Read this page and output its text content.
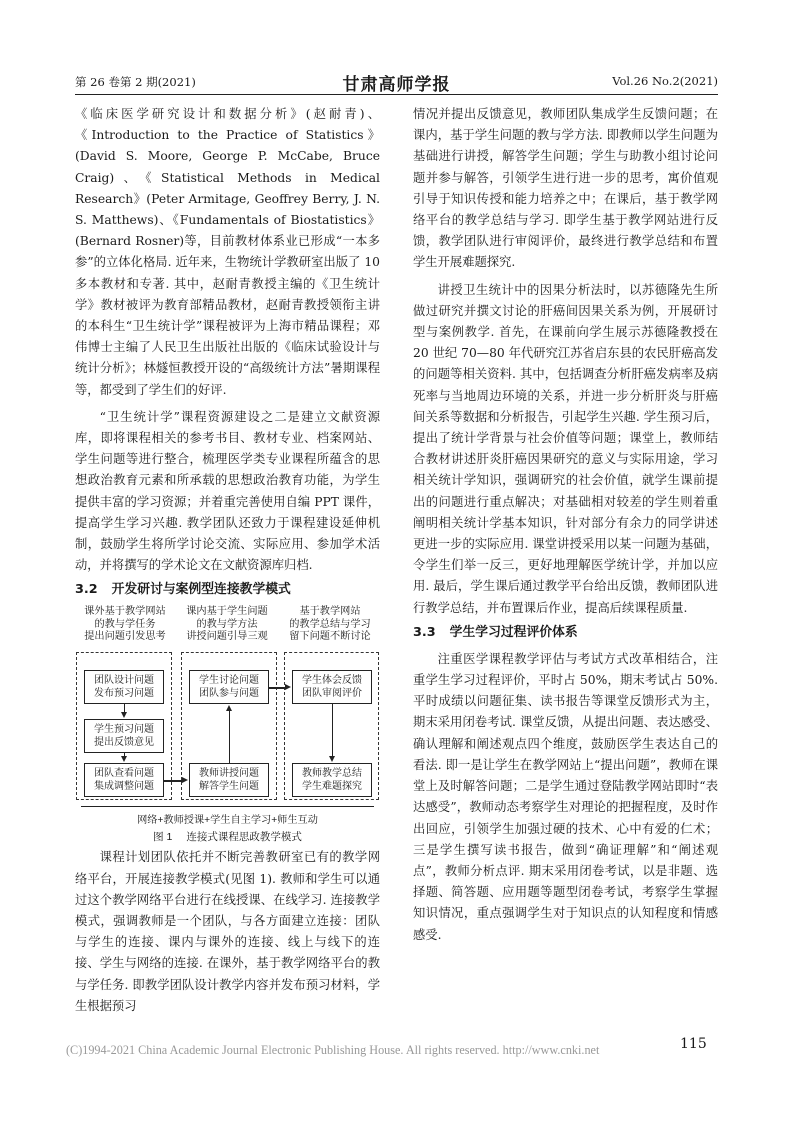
第 26 卷第 2 期(2021)	甘肃高师学报	Vol.26 No.2(2021)

《临床医学研究设计和数据分析》(赵耐青)、《Introduction to the Practice of Statistics》(David S. Moore, George P. McCabe, Bruce Craig)、《Statistical Methods in Medical Research》(Peter Armitage, Geoffrey Berry, J. N. S. Matthews)、《Fundamentals of Biostatistics》(Bernard Rosner)等，目前教材体系业已形成“一本多参”的立体化格局. 近年来，生物统计学教研室出版了 10 多本教材和专著. 其中，赵耐青教授主编的《卫生统计学》教材被评为教育部精品教材，赵耐青教授领衔主讲的本科生“卫生统计学”课程被评为上海市精品课程；邓伟博士主编了人民卫生出版社出版的《临床试验设计与统计分析》；林燧恒教授开设的“高级统计方法”暑期课程等，都受到了学生们的好评.

“卫生统计学”课程资源建设之二是建立文献资源库，即将课程相关的参考书目、教材专业、档案网站、学生问题等进行整合，梳理医学类专业课程所蕴含的思想政治教育元素和所承载的思想政治教育功能，为学生提供丰富的学习资源；并着重完善使用自编 PPT 课件，提高学生学习兴趣. 教学团队还致力于课程建设延伸机制，鼓励学生将所学讨论交流、实际应用、参加学术活动，并将撰写的学术论文在文献资源库归档.

3.2 开发研讨与案例型连接教学模式
课外基于教学网站
的教与学任务
提出问题引发思考
课内基于学生问题
的教与学方法
讲授问题引导三观
基于教学网站
的教学总结与学习
留下问题不断讨论
团队设计问题
发布预习问题
学生预习问题
提出反馈意见
团队查看问题
集成调整问题
学生讨论问题
团队参与问题
教师讲授问题
解答学生问题
学生体会反馈
团队审阅评价
教师教学总结
学生难题探究
网络+教师授课+学生自主学习+师生互动
图 1 连接式课程思政教学模式

课程计划团队依托并不断完善教研室已有的教学网络平台，开展连接教学模式(见图 1). 教师和学生可以通过这个教学网络平台进行在线授课、在线学习. 连接教学模式，强调教师是一个团队，与各方面建立连接：团队与学生的连接、课内与课外的连接、线上与线下的连接、学生与网络的连接. 在课外，基于教学网络平台的教与学任务. 即教学团队设计教学内容并发布预习材料，学生根据预习

情况并提出反馈意见，教师团队集成学生反馈问题；在课内，基于学生问题的教与学方法. 即教师以学生问题为基础进行讲授，解答学生问题；学生与助教小组讨论问题并参与解答，引领学生进行进一步的思考，寓价值观引导于知识传授和能力培养之中；在课后，基于教学网络平台的教学总结与学习. 即学生基于教学网站进行反馈，教学团队进行审阅评价，最终进行教学总结和布置学生开展难题探究.

讲授卫生统计中的因果分析法时，以苏德隆先生所做过研究并撰文讨论的肝癌间因果关系为例，开展研讨型与案例教学. 首先，在课前向学生展示苏德隆教授在 20 世纪 70—80 年代研究江苏省启东县的农民肝癌高发的问题等相关资料. 其中，包括调查分析肝癌发病率及病死率与当地周边环境的关系，并进一步分析肝炎与肝癌间关系等数据和分析报告，引起学生兴趣. 学生预习后，提出了统计学背景与社会价值等问题；课堂上，教师结合教材讲述肝炎肝癌因果研究的意义与实际用途，学习相关统计学知识，强调研究的社会价值，就学生课前提出的问题进行重点解决；对基础相对较差的学生则着重阐明相关统计学基本知识，针对部分有余力的同学讲述更进一步的实际应用. 课堂讲授采用以某一问题为基础，令学生们举一反三，更好地理解医学统计学，并加以应用. 最后，学生课后通过教学平台给出反馈，教师团队进行教学总结，并布置课后作业，提高后续课程质量.

3.3 学生学习过程评价体系

注重医学课程教学评估与考试方式改革相结合，注重学生学习过程评价，平时占 50%，期末考试占 50%. 平时成绩以问题征集、读书报告等课堂反馈形式为主，期末采用闭卷考试. 课堂反馈，从提出问题、表达感受、确认理解和阐述观点四个维度，鼓励医学生表达自己的看法. 即一是让学生在教学网站上“提出问题”，教师在课堂上及时解答问题；二是学生通过登陆教学网站即时“表达感受”，教师动态考察学生对理论的把握程度，及时作出回应，引领学生加强过硬的技术、心中有爱的仁术；三是学生撰写读书报告，做到“确证理解”和“阐述观点”，教师分析点评. 期末采用闭卷考试，以是非题、选择题、简答题、应用题等题型闭卷考试，考察学生掌握知识情况，重点强调学生对于知识点的认知程度和情感感受.

(C)1994-2021 China Academic Journal Electronic Publishing House. All rights reserved. http://www.cnki.net	115
